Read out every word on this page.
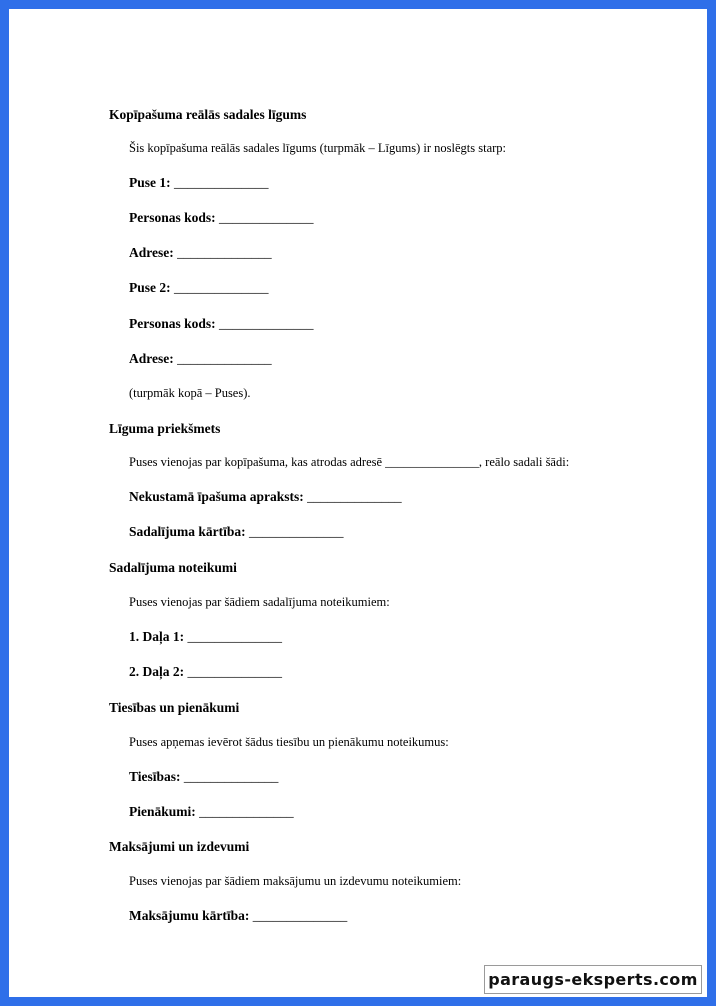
Kopīpašuma reālās sadales līgums
Šis kopīpašuma reālās sadales līgums (turpmāk – Līgums) ir noslēgts starp:
Puse 1: ______________
Personas kods: ______________
Adrese: ______________
Puse 2: ______________
Personas kods: ______________
Adrese: ______________
(turpmāk kopā – Puses).
Līguma priekšmets
Puses vienojas par kopīpašuma, kas atrodas adresē _______________, reālo sadali šādi:
Nekustamā īpašuma apraksts: ______________
Sadalījuma kārtība: ______________
Sadalījuma noteikumi
Puses vienojas par šādiem sadalījuma noteikumiem:
1. Daļa 1: ______________
2. Daļa 2: ______________
Tiesības un pienākumi
Puses apņemas ievērot šādus tiesību un pienākumu noteikumus:
Tiesības: ______________
Pienākumi: ______________
Maksājumi un izdevumi
Puses vienojas par šādiem maksājumu un izdevumu noteikumiem:
Maksājumu kārtība: ______________
paraugs-eksperts.com
